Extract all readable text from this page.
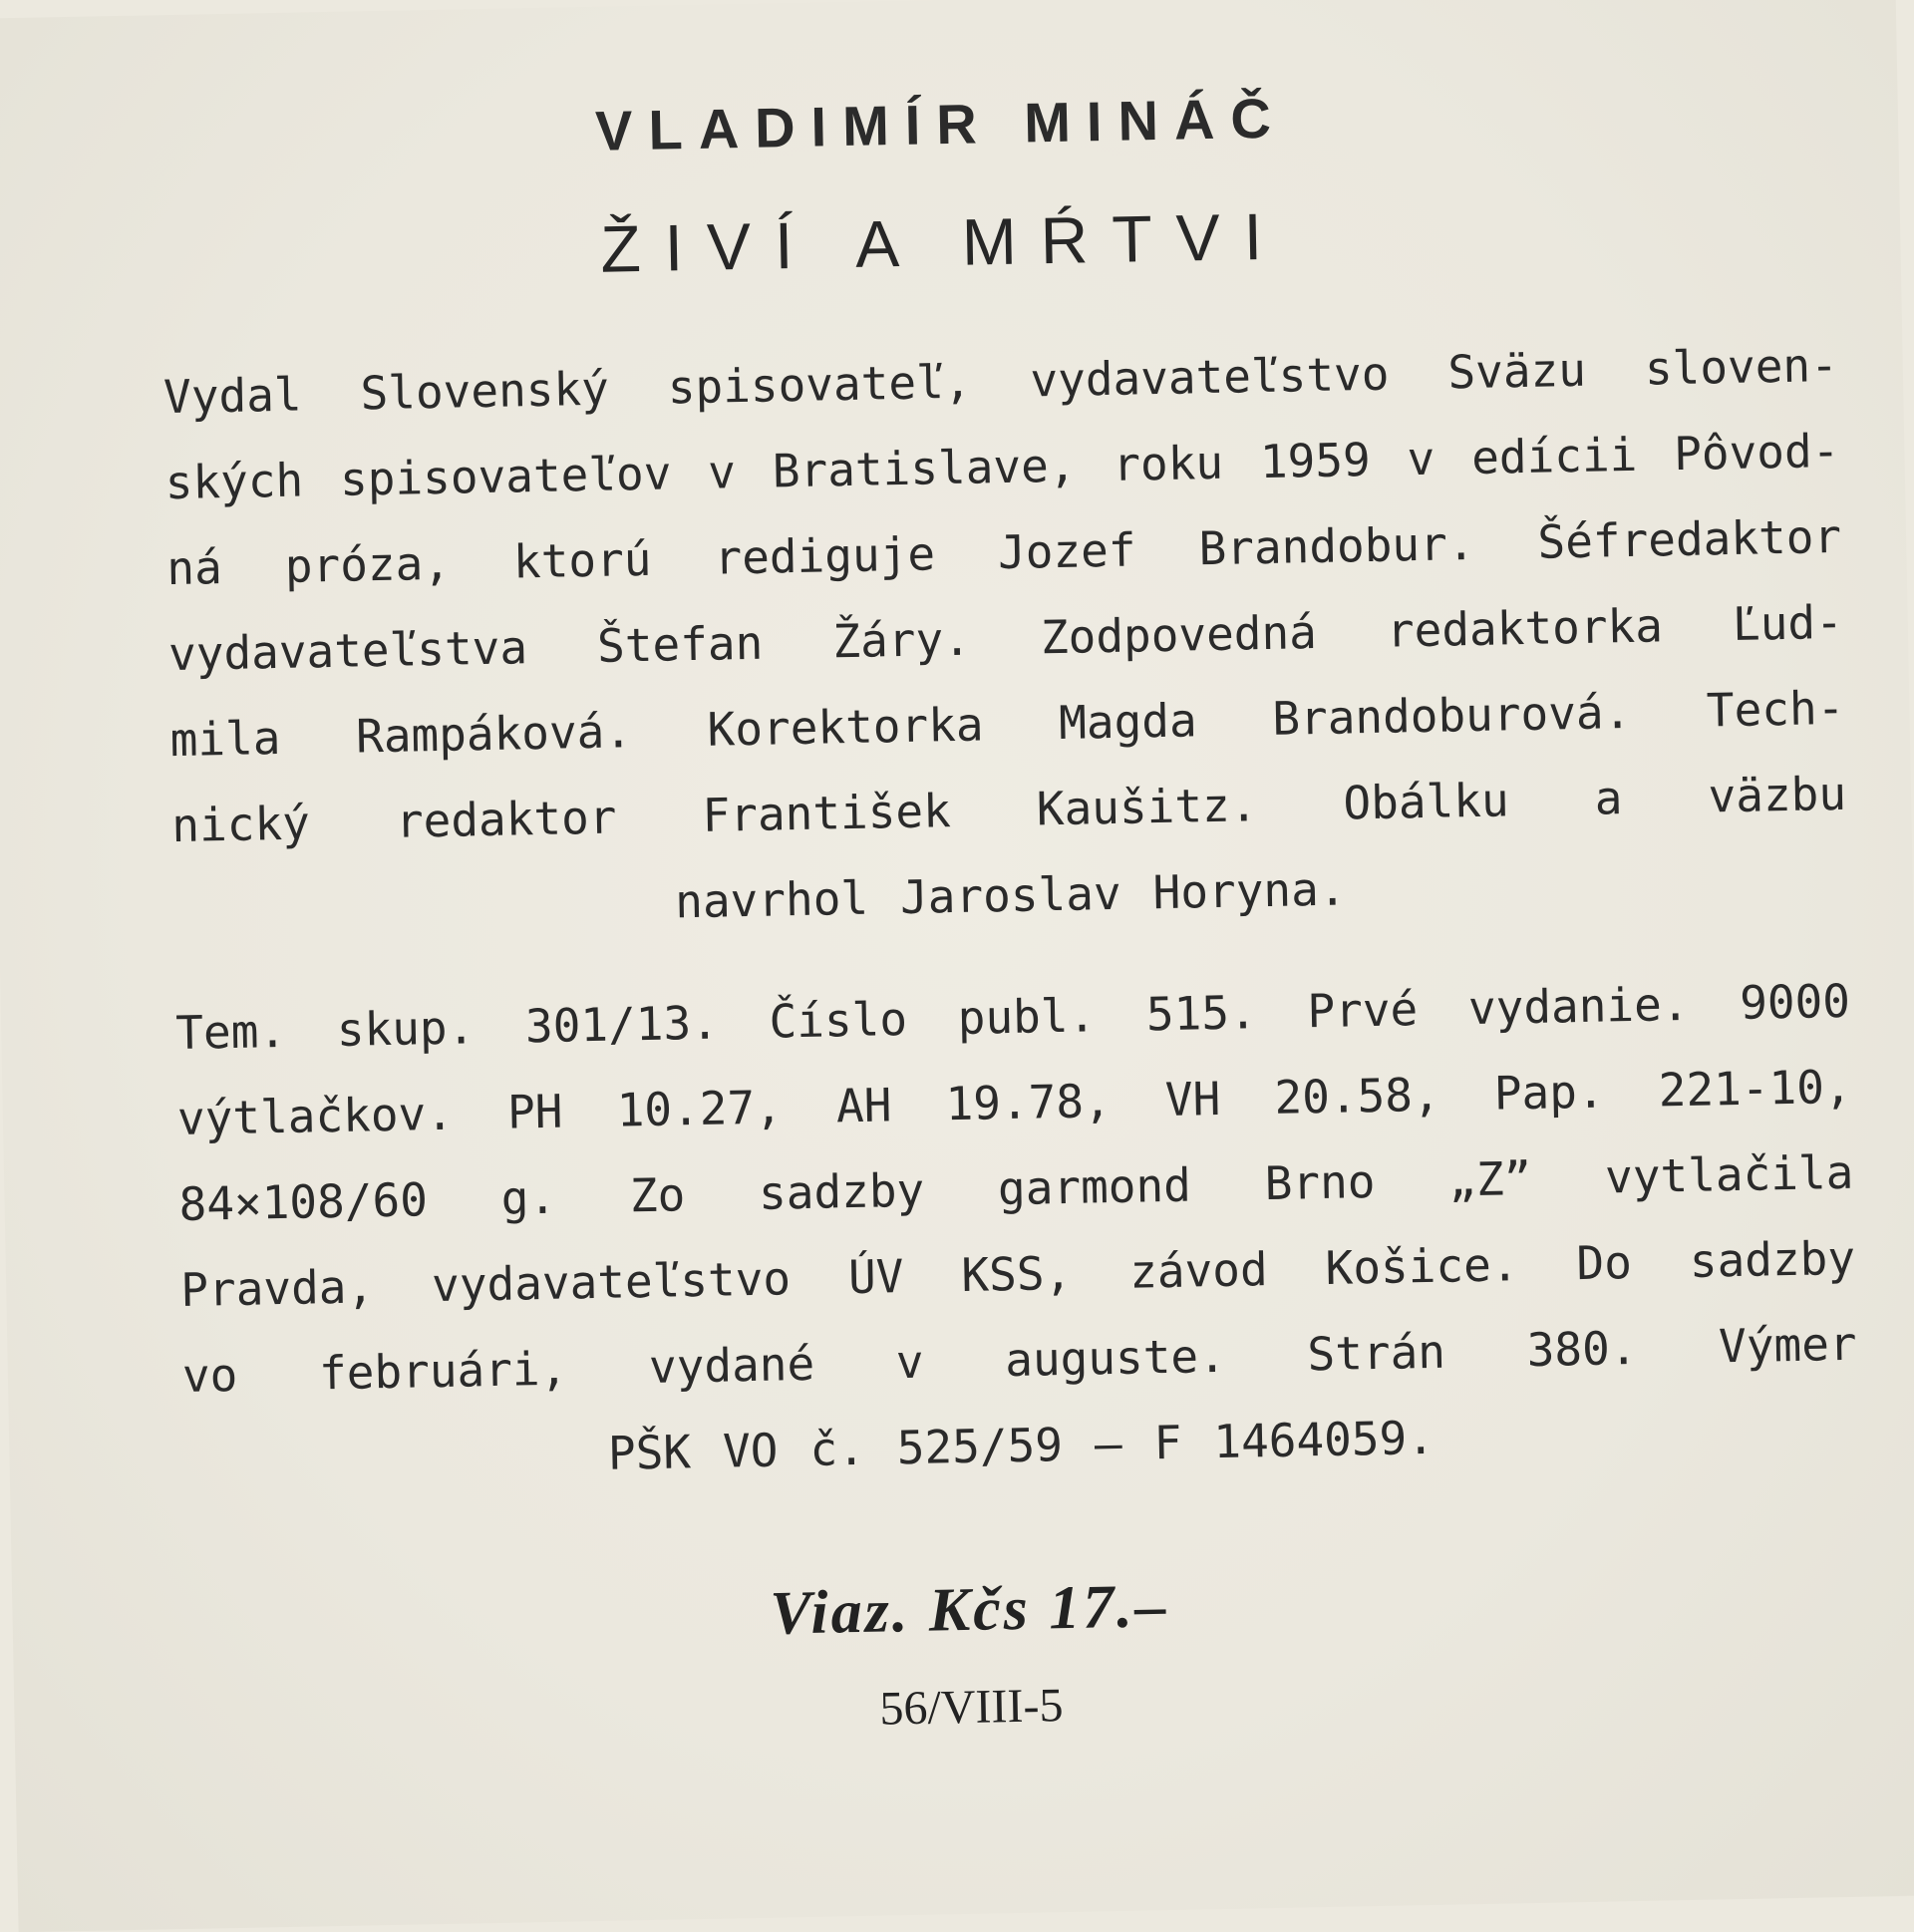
VLADIMÍR MINÁČ
ŽIVÍ A MŔTVI
Vydal Slovenský spisovateľ, vydavateľstvo Sväzu sloven-
ských spisovateľov v Bratislave, roku 1959 v edícii Pôvod-
ná próza, ktorú rediguje Jozef Brandobur. Šéfredaktor
vydavateľstva Štefan Žáry. Zodpovedná redaktorka Ľud-
mila Rampáková. Korektorka Magda Brandoburová. Tech-
nický redaktor František Kaušitz. Obálku a väzbu
navrhol Jaroslav Horyna.
Tem. skup. 301/13. Číslo publ. 515. Prvé vydanie. 9000
výtlačkov. PH 10.27, AH 19.78, VH 20.58, Pap. 221-10,
84×108/60 g. Zo sadzby garmond Brno „Z” vytlačila
Pravda, vydavateľstvo ÚV KSS, závod Košice. Do sadzby
vo februári, vydané v auguste. Strán 380. Výmer
PŠK VO č. 525/59 — F 1464059.
Viaz. Kčs 17.–
56/VIII-5
